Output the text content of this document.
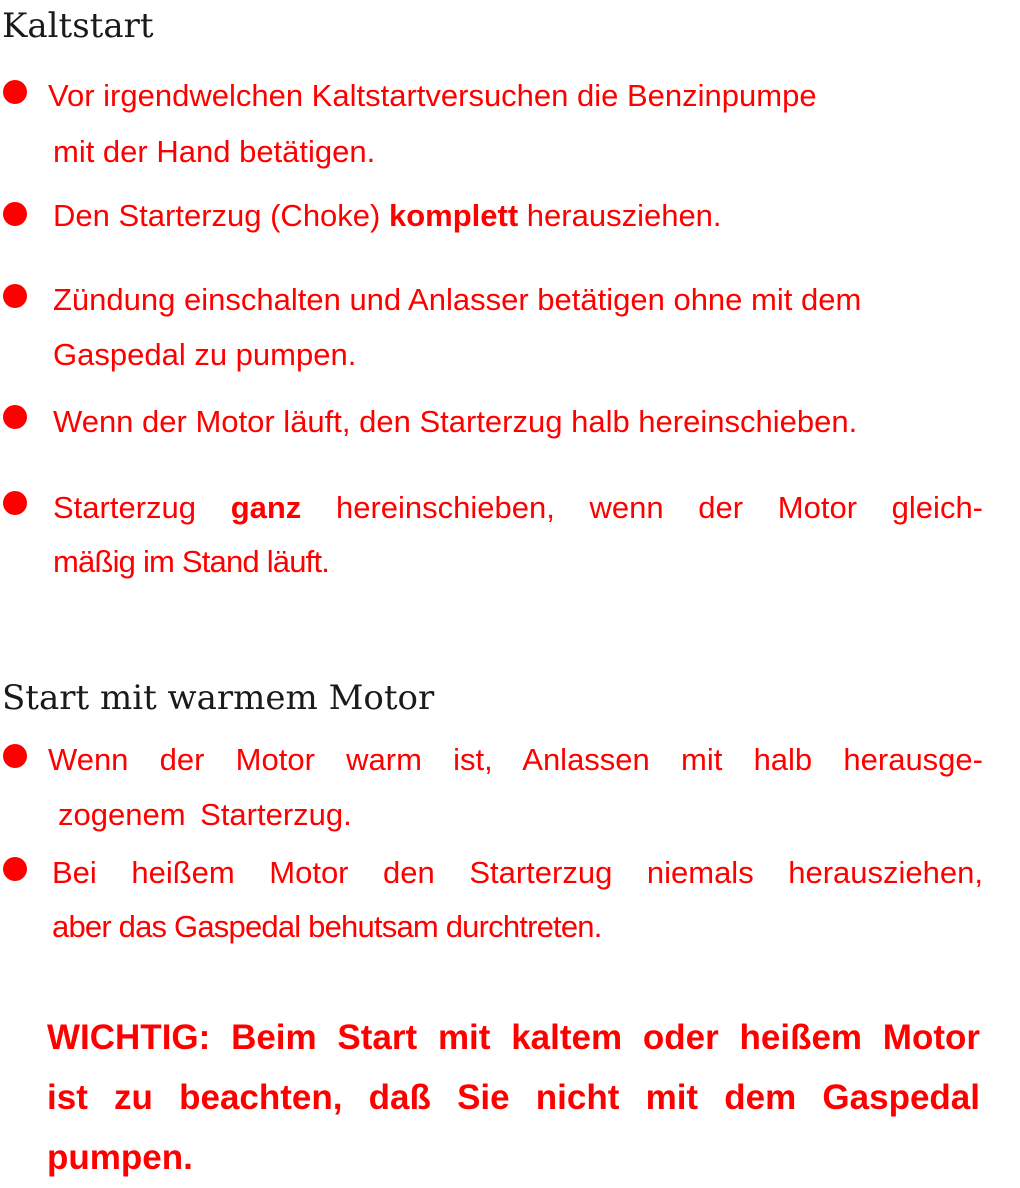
Kaltstart
Vor irgendwelchen Kaltstartversuchen die Benzinpumpe
mit der Hand betätigen.
Den Starterzug (Choke) komplett herausziehen.
Zündung einschalten und Anlasser betätigen ohne mit dem
Gaspedal zu pumpen.
Wenn der Motor läuft, den Starterzug halb hereinschieben.
Starterzug ganz hereinschieben, wenn der Motor gleich-
mäßig im Stand läuft.
Start mit warmem Motor
Wenn der Motor warm ist, Anlassen mit halb herausge-
zogenem Starterzug.
Bei heißem Motor den Starterzug niemals herausziehen,
aber das Gaspedal behutsam durchtreten.
WICHTIG: Beim Start mit kaltem oder heißem Motor
ist zu beachten, daß Sie nicht mit dem Gaspedal
pumpen.
